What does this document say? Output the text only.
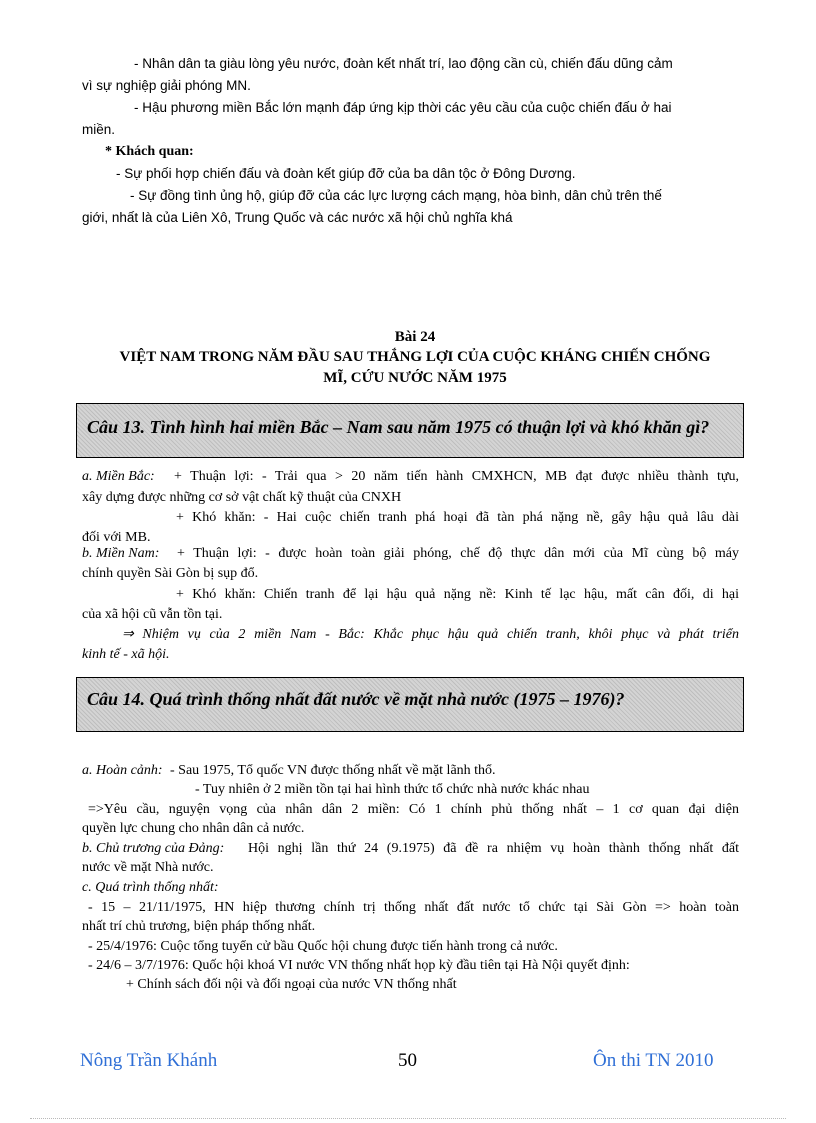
- Nhân dân ta giàu lòng yêu nước, đoàn kết nhất trí, lao động cần cù, chiến đấu dũng cảm
vì sự nghiệp giải phóng MN.
- Hậu phương miền Bắc lớn mạnh đáp ứng kịp thời các yêu cầu của cuộc chiến đấu ở hai
miền.
* Khách quan:
- Sự phối hợp chiến đấu và đoàn kết giúp đỡ của ba dân tộc ở Đông Dương.
- Sự đồng tình ủng hộ, giúp đỡ của các lực lượng cách mạng, hòa bình, dân chủ trên thế
giới, nhất là của Liên Xô, Trung Quốc và các nước xã hội chủ nghĩa khá
Bài 24
VIỆT NAM TRONG NĂM ĐẦU SAU THẮNG LỢI CỦA CUỘC KHÁNG CHIẾN CHỐNG
MĨ, CỨU NƯỚC NĂM 1975
Câu 13. Tình hình hai miền Bắc – Nam sau năm 1975 có thuận lợi và khó khăn gì?
a. Miền Bắc: + Thuận lợi: - Trải qua > 20 năm tiến hành CMXHCN, MB đạt được nhiều thành tựu,
xây dựng được những cơ sở vật chất kỹ thuật của CNXH
+ Khó khăn: - Hai cuộc chiến tranh phá hoại đã tàn phá nặng nề, gây hậu quả lâu dài
đối với MB.
b. Miền Nam: + Thuận lợi: - được hoàn toàn giải phóng, chế độ thực dân mới của Mĩ cùng bộ máy
chính quyền Sài Gòn bị sụp đổ.
+ Khó khăn: Chiến tranh để lại hậu quả nặng nề: Kinh tế lạc hậu, mất cân đối, di hại
của xã hội cũ vẫn tồn tại.
⇒ Nhiệm vụ của 2 miền Nam - Bắc: Khắc phục hậu quả chiến tranh, khôi phục và phát triển
kinh tế - xã hội.
Câu 14. Quá trình thống nhất đất nước về mặt nhà nước (1975 – 1976)?
a. Hoàn cảnh: - Sau 1975, Tổ quốc VN được thống nhất về mặt lãnh thổ.
- Tuy nhiên ở 2 miền tồn tại hai hình thức tổ chức nhà nước khác nhau
=>Yêu cầu, nguyện vọng của nhân dân 2 miền: Có 1 chính phủ thống nhất – 1 cơ quan đại diện
quyền lực chung cho nhân dân cả nước.
b. Chủ trương của Đảng: Hội nghị lần thứ 24 (9.1975) đã đề ra nhiệm vụ hoàn thành thống nhất đất
nước về mặt Nhà nước.
c. Quá trình thống nhất:
- 15 – 21/11/1975, HN hiệp thương chính trị thống nhất đất nước tổ chức tại Sài Gòn => hoàn toàn
nhất trí chủ trương, biện pháp thống nhất.
- 25/4/1976: Cuộc tổng tuyển cử bầu Quốc hội chung được tiến hành trong cả nước.
- 24/6 – 3/7/1976: Quốc hội khoá VI nước VN thống nhất họp kỳ đầu tiên tại Hà Nội quyết định:
+ Chính sách đối nội và đối ngoại của nước VN thống nhất
Nông Trần Khánh	50	Ôn thi TN 2010
